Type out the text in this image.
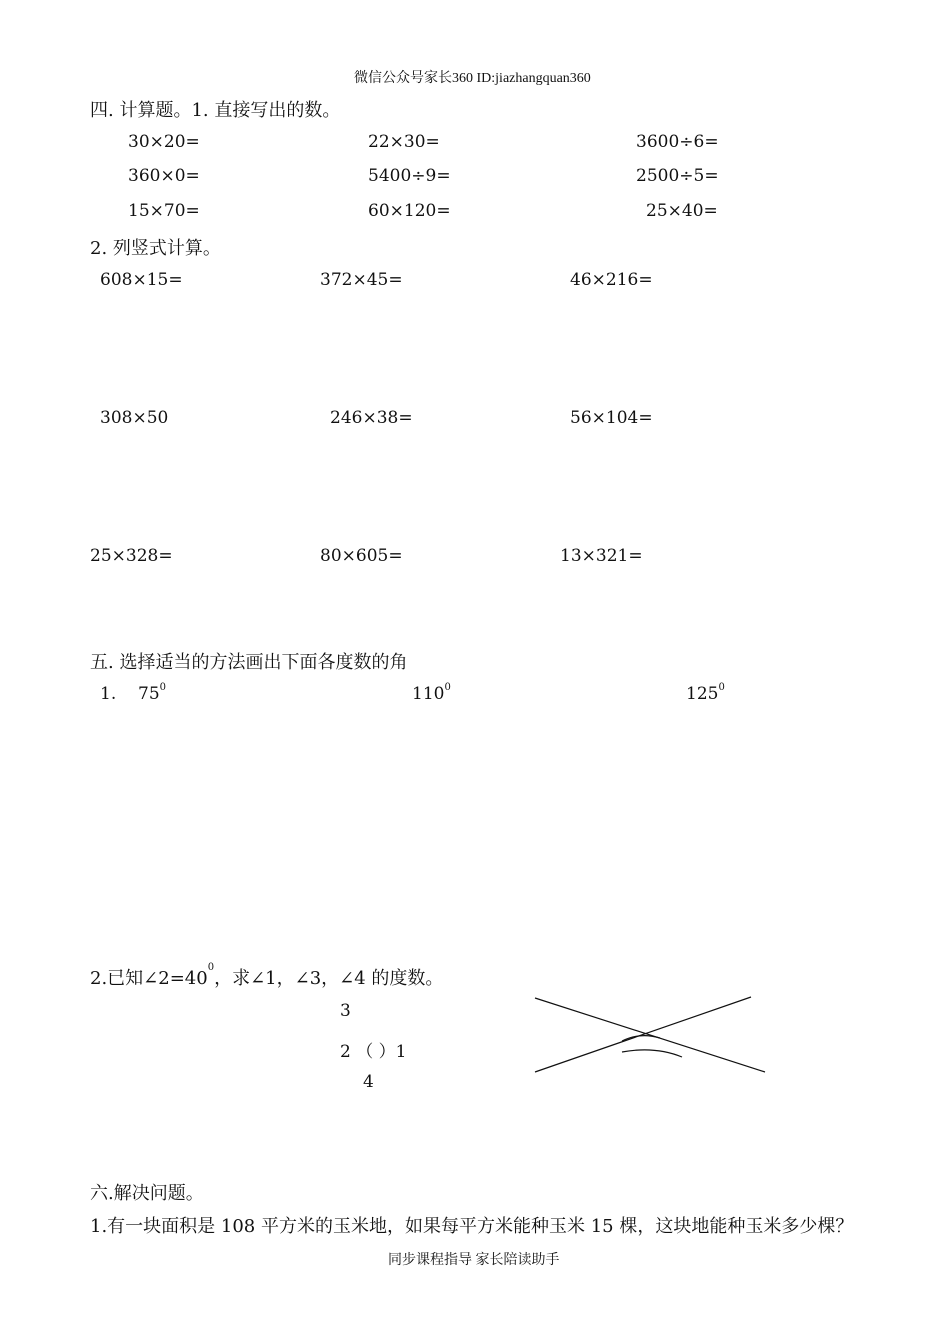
微信公众号家长360 ID:jiazhangquan360
四. 计算题。1. 直接写出的数。
30×20=	22×30=	3600÷6=
360×0=	5400÷9=	2500÷5=
15×70=	60×120=	25×40=
2. 列竖式计算。
608×15=	372×45=	46×216=
308×50	246×38=	56×104=
25×328=	80×605=	13×321=
五. 选择适当的方法画出下面各度数的角
1. $75^0$	$110^0$	$125^0$
2.已知$\angle 2=40^0$，求∠1，∠3，∠4 的度数。
3
2 （ ）1
4
六.解决问题。
1.有一块面积是 108 平方米的玉米地，如果每平方米能种玉米 15 棵，这块地能种玉米多少棵？
同步课程指导 家长陪读助手
